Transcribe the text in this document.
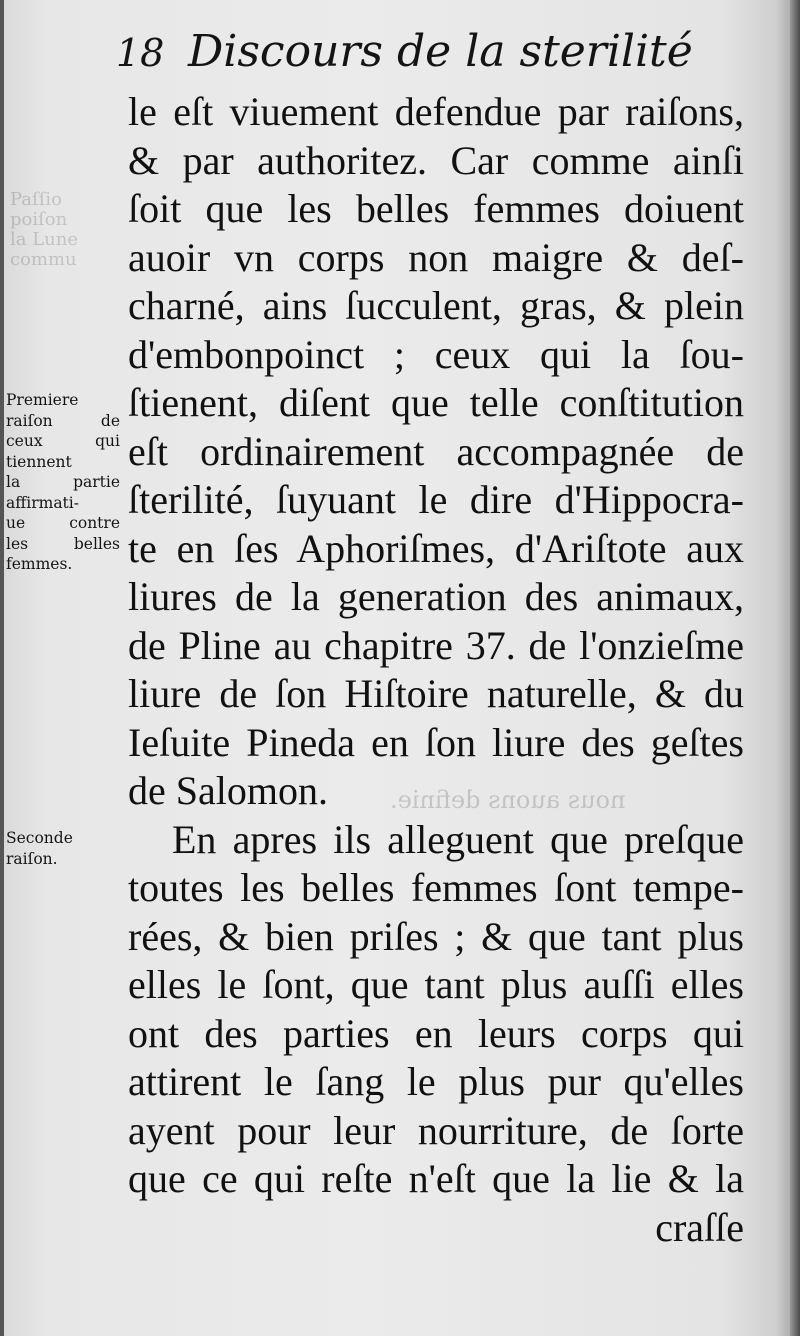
Paſſio
poiſon
la Lune
commu
nous auons definie.
18 Discours de la sterilité
le eſt viuement defendue par raiſons,
& par authoritez. Car comme ainſi
ſoit que les belles femmes doiuent
auoir vn corps non maigre & deſ-
charné, ains ſucculent, gras, & plein
d'embonpoinct ; ceux qui la ſou-
ſtienent, diſent que telle conſtitution
eſt ordinairement accompagnée de
ſterilité, ſuyuant le dire d'Hippocra-
te en ſes Aphoriſmes, d'Ariſtote aux
liures de la generation des animaux,
de Pline au chapitre 37. de l'onzieſme
liure de ſon Hiſtoire naturelle, & du
Ieſuite Pineda en ſon liure des geſtes
de Salomon.
En apres ils alleguent que preſque
toutes les belles femmes ſont tempe-
rées, & bien priſes ; & que tant plus
elles le ſont, que tant plus auſſi elles
ont des parties en leurs corps qui
attirent le ſang le plus pur qu'elles
ayent pour leur nourriture, de ſorte
que ce qui reſte n'eſt que la lie & la
craſſe
Premiere
raiſon de
ceux qui
tiennent
la partie
affirmati-
ue contre
les belles
femmes.
Seconde
raiſon.
